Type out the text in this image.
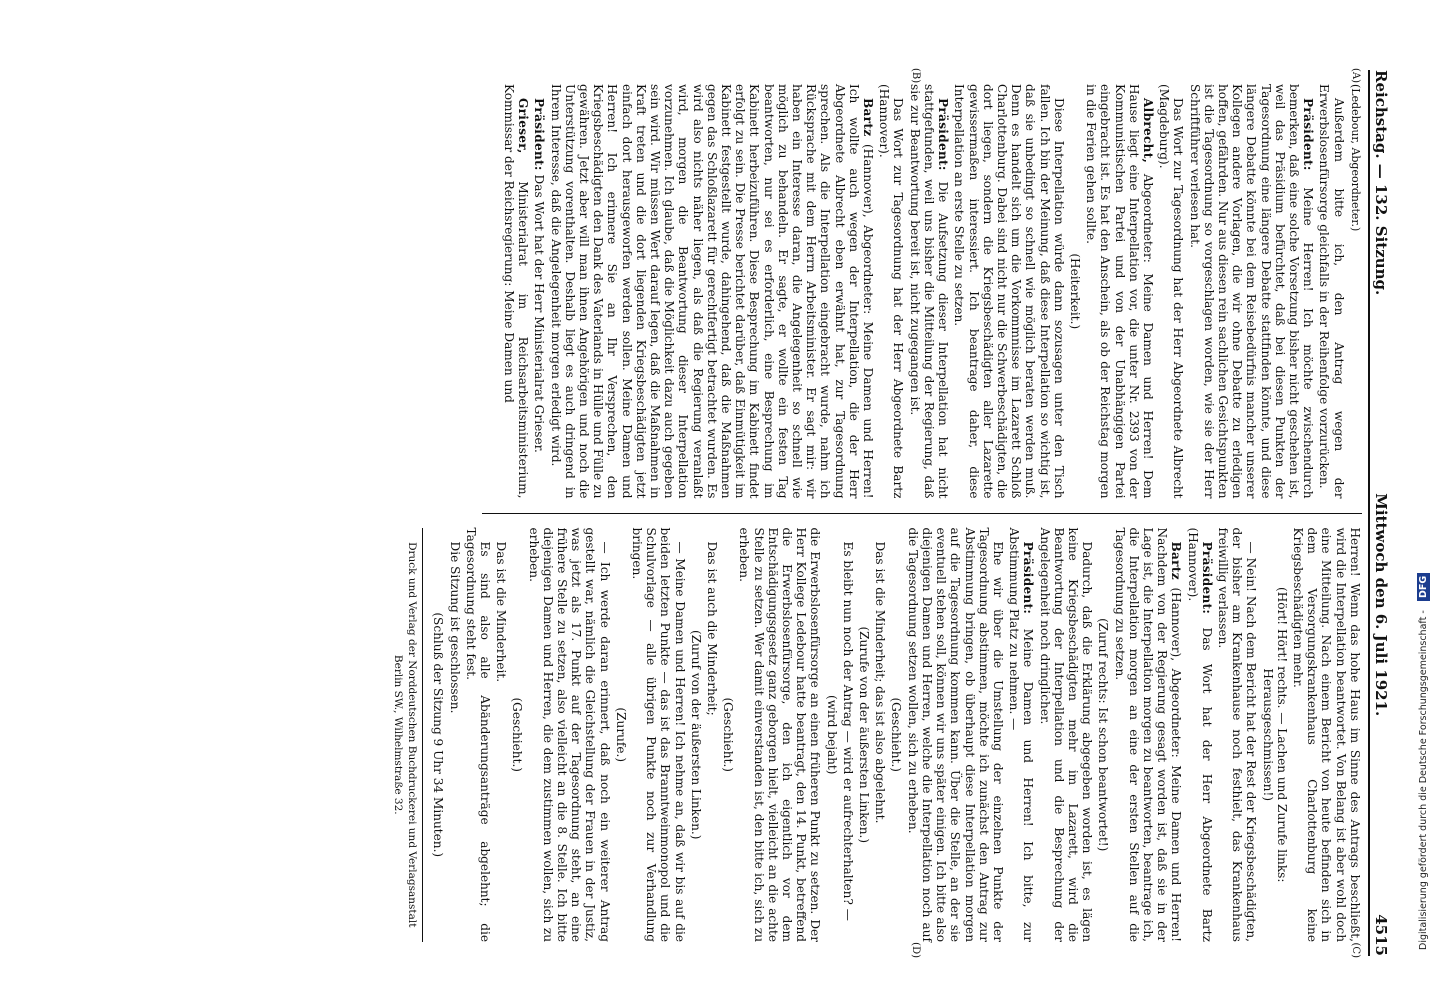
Reichstag. — 132. Sitzung.
Mittwoch den 6. Juli 1921.
4515
(A)
(B)

(Ledebour, Abgeordneter.)

Außerdem bitte ich, den Antrag wegen der Erwerbslosenfürsorge gleichfalls in der Reihenfolge vorzurücken.

Präsident: Meine Herren! Ich möchte zwischendurch bemerken, daß eine solche Vorsetzung bisher nicht geschehen ist, weil das Präsidium befürchtet, daß bei diesen Punkten der Tagesordnung eine längere Debatte stattfinden könnte, und diese längere Debatte könnte bei dem Reisebedürfnis mancher unserer Kollegen andere Vorlagen, die wir ohne Debatte zu erledigen hoffen, gefährden. Nur aus diesen rein sachlichen Gesichtspunkten ist die Tagesordnung so vorgeschlagen worden, wie sie der Herr Schriftführer verlesen hat.

Das Wort zur Tagesordnung hat der Herr Abgeordnete Albrecht (Magdeburg).

Albrecht, Abgeordneter: Meine Damen und Herren! Dem Hause liegt eine Interpellation vor, die unter Nr. 2393 von der Kommunistischen Partei und von der Unabhängigen Partei eingebracht ist. Es hat den Anschein, als ob der Reichstag morgen in die Ferien gehen sollte.

(Heiterkeit.)

Diese Interpellation würde dann sozusagen unter den Tisch fallen. Ich bin der Meinung, daß diese Interpellation so wichtig ist, daß sie unbedingt so schnell wie möglich beraten werden muß. Denn es handelt sich um die Vorkommnisse im Lazarett Schloß Charlottenburg. Dabei sind nicht nur die Schwerbeschädigten, die dort liegen, sondern die Kriegsbeschädigten aller Lazarette gewissermaßen interessiert. Ich beantrage daher, diese Interpellation an erste Stelle zu setzen.

Präsident: Die Aufsetzung dieser Interpellation hat nicht stattgefunden, weil uns bisher die Mitteilung der Regierung, daß sie zur Beantwortung bereit ist, nicht zugegangen ist.

Das Wort zur Tagesordnung hat der Herr Abgeordnete Bartz (Hannover).

Bartz (Hannover), Abgeordneter: Meine Damen und Herren! Ich wollte auch wegen der Interpellation, die der Herr Abgeordnete Albrecht eben erwähnt hat, zur Tagesordnung sprechen. Als die Interpellation eingebracht wurde, nahm ich Rücksprache mit dem Herrn Arbeitsminister. Er sagt mir: wir haben ein Interesse daran, die Angelegenheit so schnell wie möglich zu behandeln. Er sagte, er wollte ein festen Tag beantworten, nur sei es erforderlich, eine Besprechung im Kabinett herbeizuführen. Diese Besprechung im Kabinett findet erfolgt zu sein. Die Presse berichtet darüber, daß Einmütigkeit im Kabinett festgestellt wurde, dahingehend, daß die Maßnahmen gegen das Schloßlazarett für gerechtfertigt betrachtet wurden. Es wird also nichts näher liegen, als daß die Regierung veranlaßt wird, morgen die Beantwortung dieser Interpellation vorzunehmen. Ich glaube, daß die Möglichkeit dazu auch gegeben sein wird. Wir müssen Wert darauf legen, daß die Maßnahmen in Kraft treten und die dort liegenden Kriegsbeschädigten jetzt einfach dort herausgeworfen werden sollen. Meine Damen und Herren! Ich erinnere Sie an Ihr Versprechen, den Kriegsbeschädigten den Dank des Vaterlands in Hülle und Fülle zu gewähren. Jetzt aber will man ihnen Angehörigen und noch die Unterstützung vorenthalten. Deshalb liegt es auch dringend in Ihrem Interesse, daß die Angelegenheit morgen erledigt wird.

Präsident: Das Wort hat der Herr Ministerialrat Grieser.

Grieser, Ministerialrat im Reichsarbeitsministerium, Kommissar der Reichsregierung: Meine Damen und

(C)
(D)

Herren! Wenn das hohe Haus im Sinne des Antrags beschließt, wird die Interpellation beantwortet. Von Belang ist aber wohl doch eine Mitteilung. Nach einem Bericht von heute befinden sich in dem Versorgungskrankenhaus Charlottenburg keine Kriegsbeschädigten mehr.

(Hört! Hört! rechts. — Lachen und Zurufe links: Herausgeschmissen!)

— Nein! Nach dem Bericht hat der Rest der Kriegsbeschädigten, der bisher am Krankenhause noch festhielt, das Krankenhaus freiwillig verlassen.

Präsident: Das Wort hat der Herr Abgeordnete Bartz (Hannover).

Bartz (Hannover), Abgeordneter: Meine Damen und Herren! Nachdem von der Regierung gesagt worden ist, daß sie in der Lage ist, die Interpellation morgen zu beantworten, beantrage ich, die Interpellation morgen an eine der ersten Stellen auf die Tagesordnung zu setzen.

(Zuruf rechts: Ist schon beantwortet!)

Dadurch, daß die Erklärung abgegeben worden ist, es lägen keine Kriegsbeschädigten mehr im Lazarett, wird die Beantwortung der Interpellation und die Besprechung der Angelegenheit noch dringlicher.

Präsident: Meine Damen und Herren! Ich bitte, zur Abstimmung Platz zu nehmen. —

Ehe wir über die Umstellung der einzelnen Punkte der Tagesordnung abstimmen, möchte ich zunächst den Antrag zur Abstimmung bringen, ob überhaupt diese Interpellation morgen auf die Tagesordnung kommen kann. Über die Stelle, an der sie eventuell stehen soll, können wir uns später einigen. Ich bitte also diejenigen Damen und Herren, welche die Interpellation noch auf die Tagesordnung setzen wollen, sich zu erheben.

(Geschieht.)

Das ist die Minderheit; das ist also abgelehnt.

(Zurufe von der äußersten Linken.)

Es bleibt nun noch der Antrag — wird er aufrechterhalten? —

(wird bejaht)

die Erwerbslosenfürsorge an einen früheren Punkt zu setzen. Der Herr Kollege Ledebour hatte beantragt, den 14. Punkt, betreffend die Erwerbslosenfürsorge, den ich eigentlich vor dem Entschädigungsgesetz ganz geborgen hielt, vielleicht an die achte Stelle zu setzen. Wer damit einverstanden ist, den bitte ich, sich zu erheben.

(Geschieht.)

Das ist auch die Minderheit;

(Zuruf von der äußersten Linken.)

— Meine Damen und Herren! Ich nehme an, daß wir bis auf die beiden letzten Punkte — das ist das Branntweinmonopol und die Schulvorlage — alle übrigen Punkte noch zur Verhandlung bringen.

(Zurufe.)

— Ich werde daran erinnert, daß noch ein weiterer Antrag gestellt war, nämlich die Gleichstellung der Frauen in der Justiz, was jetzt als 17. Punkt auf der Tagesordnung steht, an eine frühere Stelle zu setzen, also vielleicht an die 8. Stelle. Ich bitte diejenigen Damen und Herren, die dem zustimmen wollen, sich zu erheben.

(Geschieht.)

Das ist die Minderheit.

Es sind also alle Abänderungsanträge abgelehnt; die Tagesordnung steht fest.

Die Sitzung ist geschlossen.

(Schluß der Sitzung 9 Uhr 34 Minuten.)

Druck und Verlag der Norddeutschen Buchdruckerei und Verlagsanstalt Berlin SW., Wilhelmstraße 32.	Digitalisierung gefördert durch die Deutsche Forschungsgemeinschaft - DFG
